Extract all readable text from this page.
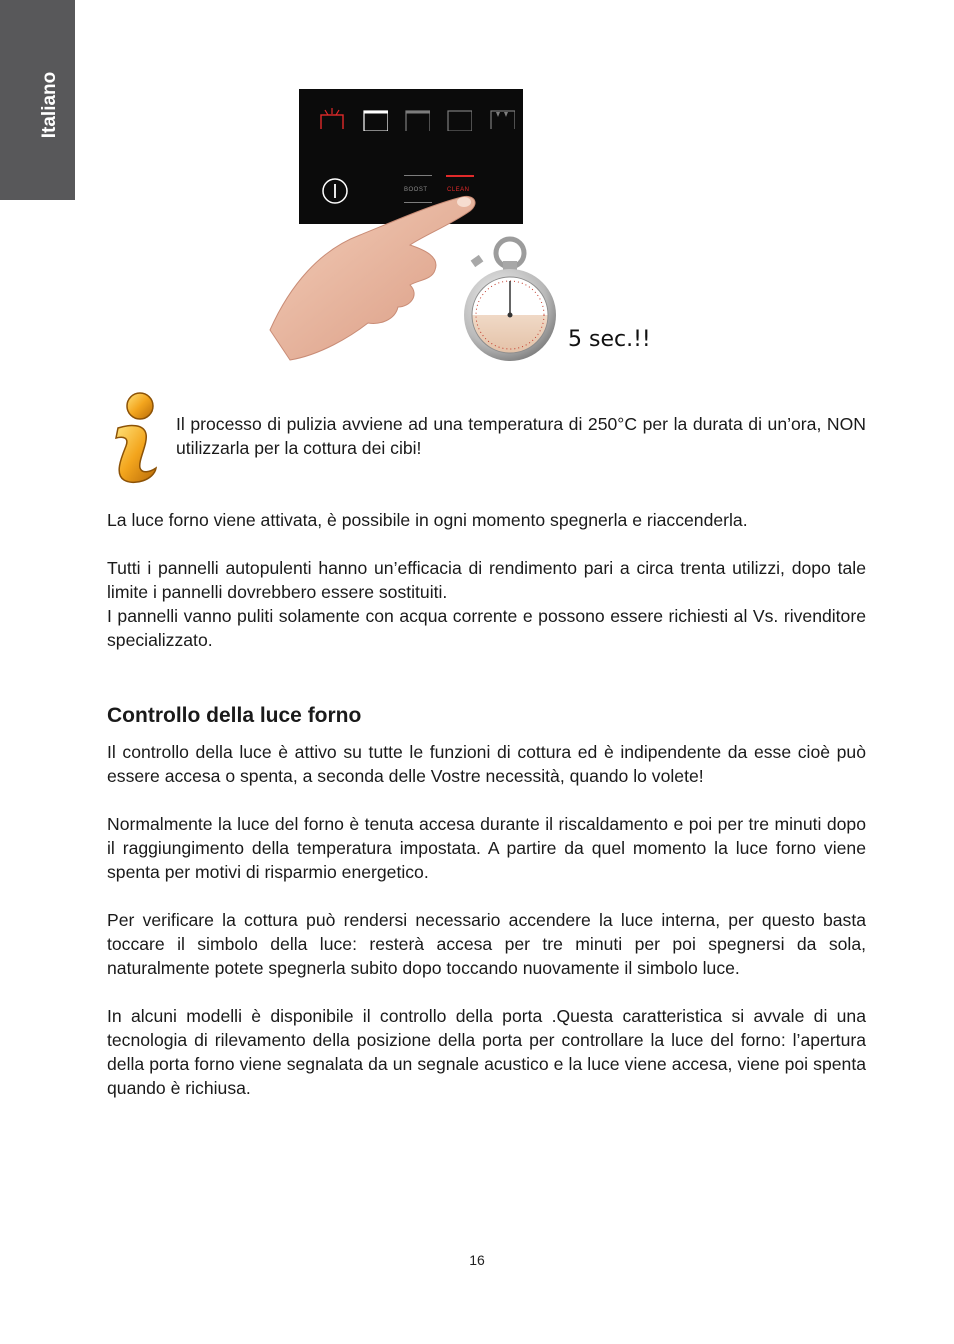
Italiano
BOOST	CLEAN
5 sec.!!

Il processo di pulizia avviene ad una temperatura di 250°C per la durata di un’ora, NON utilizzarla per la cottura dei cibi!

La luce forno viene attivata, è possibile in ogni momento spegnerla e riaccenderla.

Tutti i pannelli autopulenti hanno un’efficacia di rendimento pari a circa trenta utilizzi, dopo tale limite i pannelli dovrebbero essere sostituiti.

I pannelli vanno puliti solamente con acqua corrente e possono essere richiesti al Vs. rivenditore specializzato.

Controllo della luce forno

Il controllo della luce è attivo su tutte le funzioni di cottura ed è indipendente da esse cioè può essere accesa o spenta, a seconda delle Vostre necessità, quando lo volete!

Normalmente la luce del forno è tenuta accesa durante il riscaldamento e poi per tre minuti dopo il raggiungimento della temperatura impostata. A partire da quel momento la luce forno viene spenta per motivi di risparmio energetico.

Per verificare la cottura può rendersi necessario accendere la luce interna, per questo basta toccare il simbolo della luce: resterà accesa per tre minuti per poi spegnersi da sola, naturalmente potete spegnerla subito dopo toccando nuovamente il simbolo luce.

In alcuni modelli è disponibile il controllo della porta .Questa caratteristica si avvale di una tecnologia di rilevamento della posizione della porta per controllare la luce del forno: l’apertura della porta forno viene segnalata da un segnale acustico e la luce viene accesa, viene poi spenta quando è richiusa.

16
